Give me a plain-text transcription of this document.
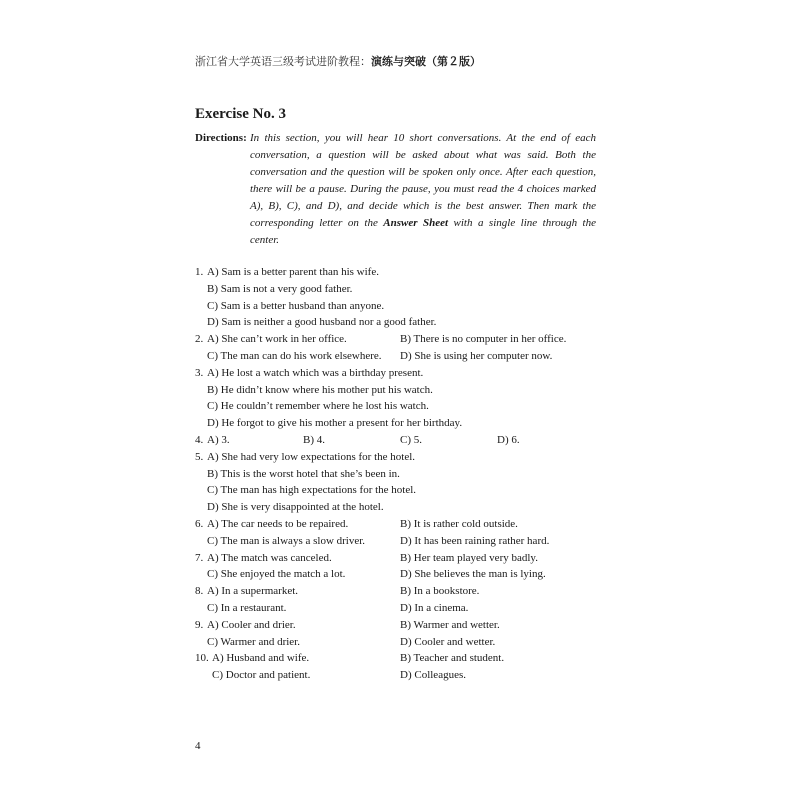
浙江省大学英语三级考试进阶教程：演练与突破（第２版）
Exercise No. 3
Directions: In this section, you will hear 10 short conversations. At the end of each conversation, a question will be asked about what was said. Both the conversation and the question will be spoken only once. After each question, there will be a pause. During the pause, you must read the 4 choices marked A), B), C), and D), and decide which is the best answer. Then mark the corresponding letter on the Answer Sheet with a single line through the center.
1. A) Sam is a better parent than his wife.
B) Sam is not a very good father.
C) Sam is a better husband than anyone.
D) Sam is neither a good husband nor a good father.
2. A) She can’t work in her office.	B) There is no computer in her office.
C) The man can do his work elsewhere. D) She is using her computer now.
3. A) He lost a watch which was a birthday present.
B) He didn’t know where his mother put his watch.
C) He couldn’t remember where he lost his watch.
D) He forgot to give his mother a present for her birthday.
4. A) 3.	B) 4.	C) 5.	D) 6.
5. A) She had very low expectations for the hotel.
B) This is the worst hotel that she’s been in.
C) The man has high expectations for the hotel.
D) She is very disappointed at the hotel.
6. A) The car needs to be repaired.	B) It is rather cold outside.
C) The man is always a slow driver.	D) It has been raining rather hard.
7. A) The match was canceled.	B) Her team played very badly.
C) She enjoyed the match a lot.	D) She believes the man is lying.
8. A) In a supermarket.	B) In a bookstore.
C) In a restaurant.	D) In a cinema.
9. A) Cooler and drier.	B) Warmer and wetter.
C) Warmer and drier.	D) Cooler and wetter.
10. A) Husband and wife.	B) Teacher and student.
C) Doctor and patient.	D) Colleagues.
4
